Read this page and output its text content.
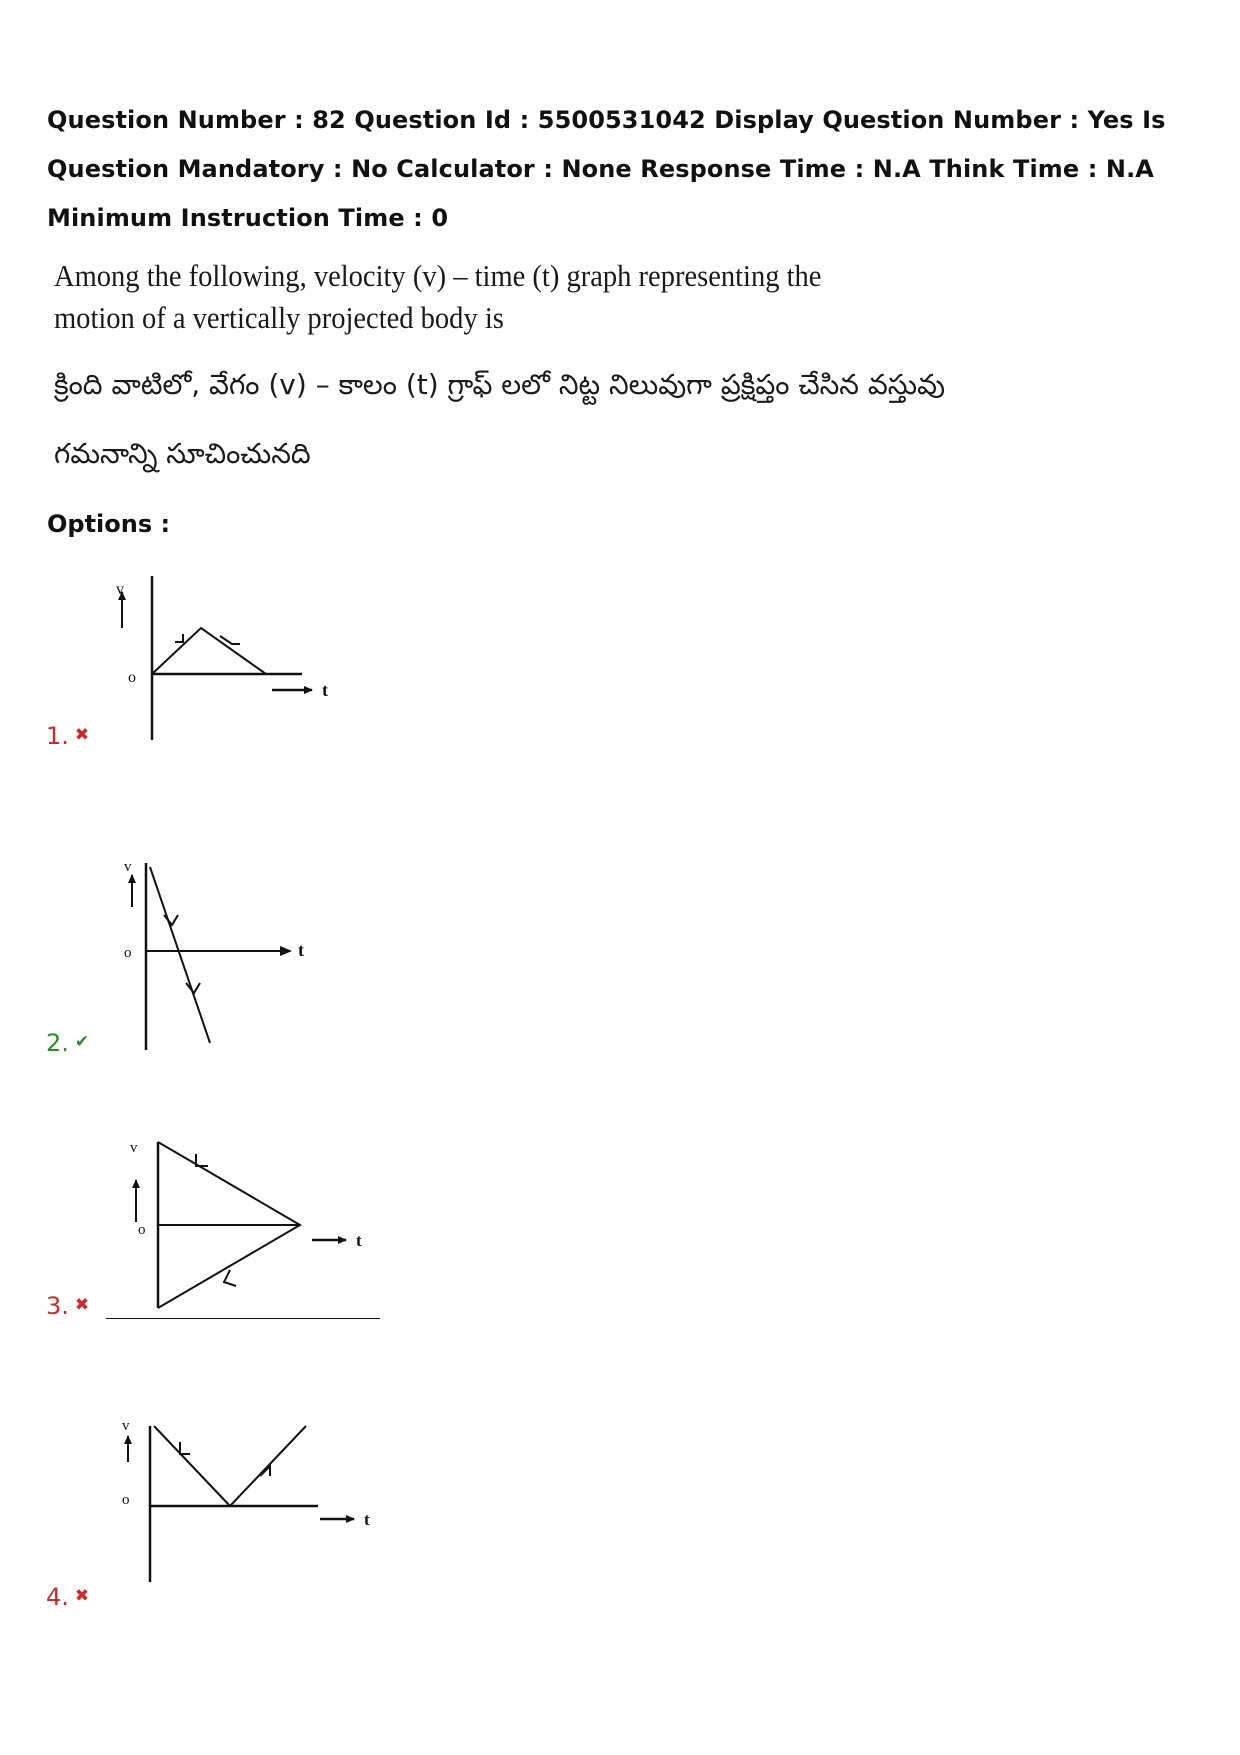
Question Number : 82 Question Id : 5500531042 Display Question Number : Yes Is Question Mandatory : No Calculator : None Response Time : N.A Think Time : N.A Minimum Instruction Time : 0
Among the following, velocity (v) – time (t) graph representing the motion of a vertically projected body is
క్రింది వాటిలో, వేగం (v) – కాలం (t) గ్రాఫ్ లలో నిట్ట నిలువుగా ప్రక్షిప్తం చేసిన వస్తువు
గమనాన్ని సూచించునది
Options :
1. ✖
v
o
t
2. ✔
v
o	t
3. ✖
v
o
t
4. ✖
v
o
t
